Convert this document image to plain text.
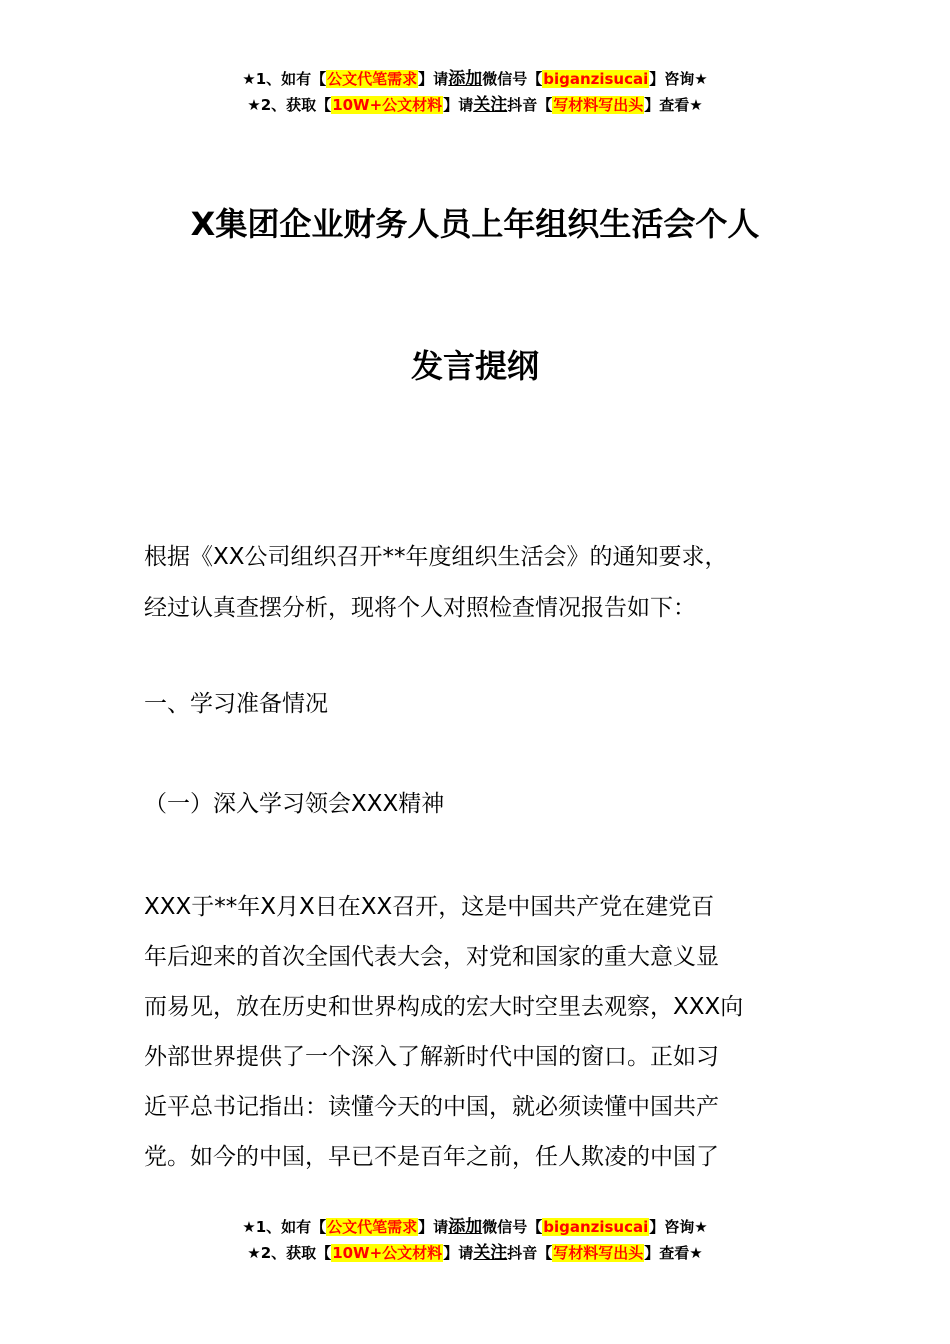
★1、如有【公文代笔需求】请添加微信号【biganzisucai】咨询★
★2、获取【10W+公文材料】请关注抖音【写材料写出头】查看★
X集团企业财务人员上年组织生活会个人
发言提纲
根据《XX公司组织召开**年度组织生活会》的通知要求，
经过认真查摆分析，现将个人对照检查情况报告如下：
一、学习准备情况
（一）深入学习领会XXX精神
XXX于**年X月X日在XX召开，这是中国共产党在建党百
年后迎来的首次全国代表大会，对党和国家的重大意义显
而易见，放在历史和世界构成的宏大时空里去观察，XXX向
外部世界提供了一个深入了解新时代中国的窗口。正如习
近平总书记指出：读懂今天的中国，就必须读懂中国共产
党。如今的中国，早已不是百年之前，任人欺凌的中国了
★1、如有【公文代笔需求】请添加微信号【biganzisucai】咨询★
★2、获取【10W+公文材料】请关注抖音【写材料写出头】查看★
